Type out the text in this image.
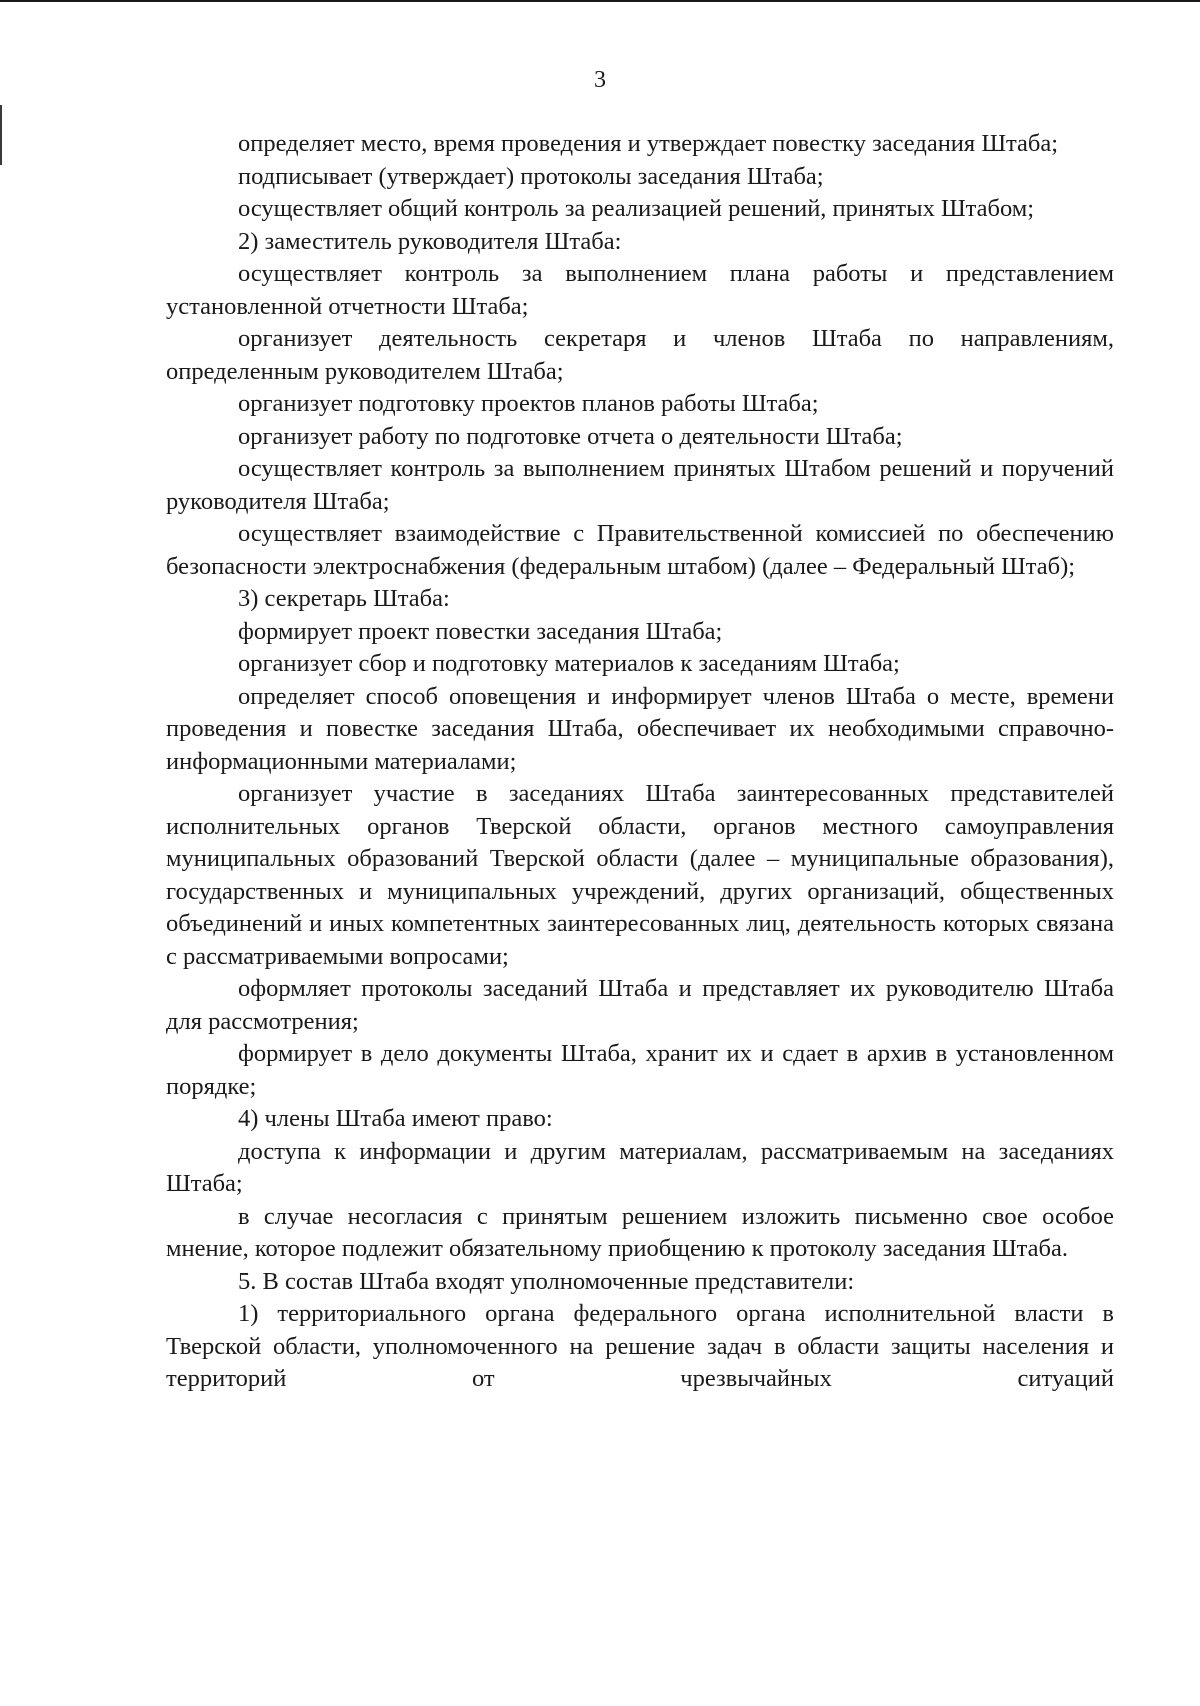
3

определяет место, время проведения и утверждает повестку заседания Штаба;

подписывает (утверждает) протоколы заседания Штаба;

осуществляет общий контроль за реализацией решений, принятых Штабом;

2) заместитель руководителя Штаба:

осуществляет контроль за выполнением плана работы и представлением установленной отчетности Штаба;

организует деятельность секретаря и членов Штаба по направлениям, определенным руководителем Штаба;

организует подготовку проектов планов работы Штаба;

организует работу по подготовке отчета о деятельности Штаба;

осуществляет контроль за выполнением принятых Штабом решений и поручений руководителя Штаба;

осуществляет взаимодействие с Правительственной комиссией по обеспечению безопасности электроснабжения (федеральным штабом) (далее – Федеральный Штаб);

3) секретарь Штаба:

формирует проект повестки заседания Штаба;

организует сбор и подготовку материалов к заседаниям Штаба;

определяет способ оповещения и информирует членов Штаба о месте, времени проведения и повестке заседания Штаба, обеспечивает их необходимыми справочно-информационными материалами;

организует участие в заседаниях Штаба заинтересованных представителей исполнительных органов Тверской области, органов местного самоуправления муниципальных образований Тверской области (далее – муниципальные образования), государственных и муниципальных учреждений, других организаций, общественных объединений и иных компетентных заинтересованных лиц, деятельность которых связана с рассматриваемыми вопросами;

оформляет протоколы заседаний Штаба и представляет их руководителю Штаба для рассмотрения;

формирует в дело документы Штаба, хранит их и сдает в архив в установленном порядке;

4) члены Штаба имеют право:

доступа к информации и другим материалам, рассматриваемым на заседаниях Штаба;

в случае несогласия с принятым решением изложить письменно свое особое мнение, которое подлежит обязательному приобщению к протоколу заседания Штаба.

5. В состав Штаба входят уполномоченные представители:

1) территориального органа федерального органа исполнительной власти в Тверской области, уполномоченного на решение задач в области защиты населения и территорий от чрезвычайных ситуаций
